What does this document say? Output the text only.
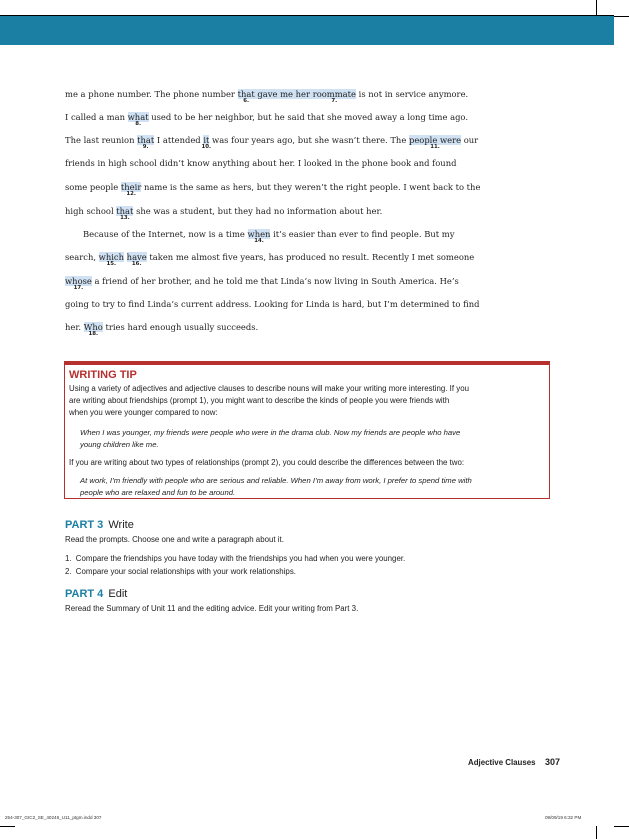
me a phone number. The phone number that
6.
gave me her roommate
7.
is not in service anymore.
I called a man what
8.
used to be her neighbor, but he said that she moved away a long time ago.
The last reunion that
9.
I attended it
10.
was four years ago, but she wasn’t there. The people were
11.
our
friends in high school didn’t know anything about her. I looked in the phone book and found
some people their
12.
name is the same as hers, but they weren’t the right people. I went back to the
high school that
13.
she was a student, but they had no information about her.
Because of the Internet, now is a time when
14.
it’s easier than ever to find people. But my
search, which
15.
have
16.
taken me almost five years, has produced no result. Recently I met someone
whose
17.
a friend of her brother, and he told me that Linda’s now living in South America. He’s
going to try to find Linda’s current address. Looking for Linda is hard, but I’m determined to find
her. Who
18.
tries hard enough usually succeeds.
WRITING TIP
Using a variety of adjectives and adjective clauses to describe nouns will make your writing more interesting. If you
are writing about friendships (prompt 1), you might want to describe the kinds of people you were friends with
when you were younger compared to now:
When I was younger, my friends were people who were in the drama club. Now my friends are people who have
young children like me.
If you are writing about two types of relationships (prompt 2), you could describe the differences between the two:
At work, I’m friendly with people who are serious and reliable. When I’m away from work, I prefer to spend time with
people who are relaxed and fun to be around.
PART 3 Write
Read the prompts. Choose one and write a paragraph about it.
1. Compare the friendships you have today with the friendships you had when you were younger.
2. Compare your social relationships with your work relationships.
PART 4 Edit
Reread the Summary of Unit 11 and the editing advice. Edit your writing from Part 3.
Adjective Clauses 307
254-307_GIC2_SE_40246_U11_ptgm.indd 307	09/09/19 6:32 PM
